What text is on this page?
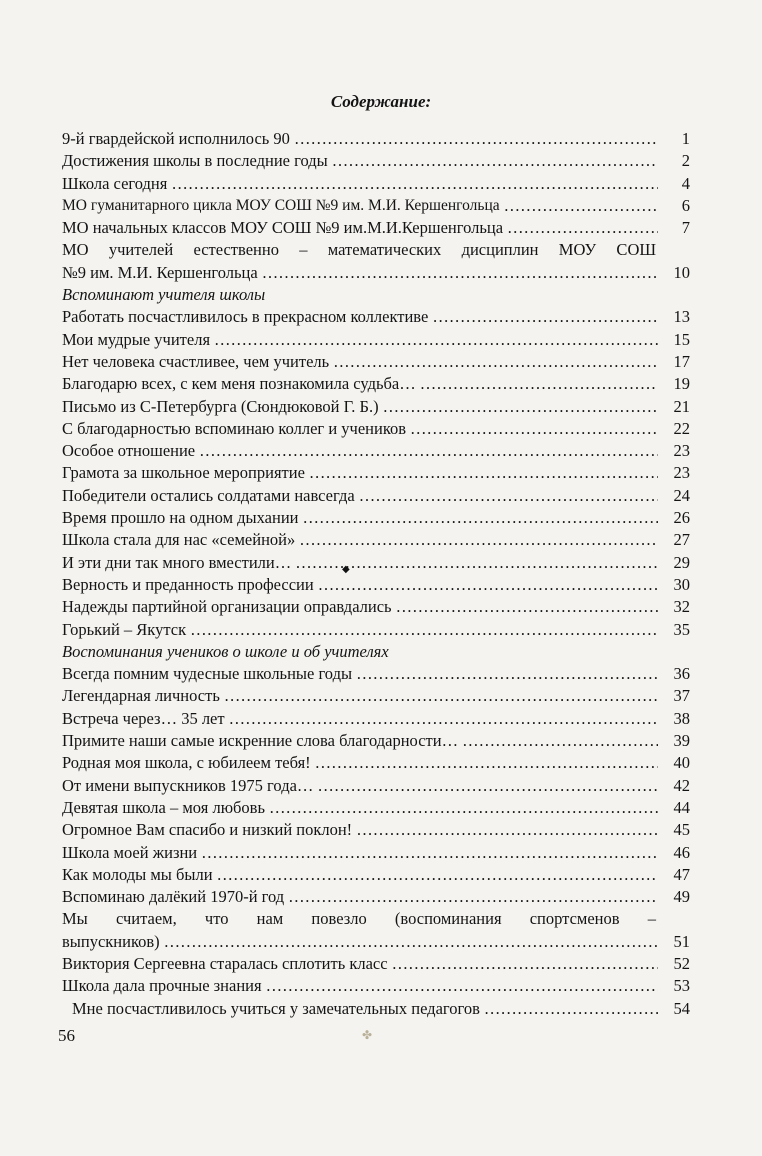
Содержание:
9-й гвардейской исполнилось 90 ………………………………………………………………………………………………………………………………………………………………………………	1
Достижения школы в последние годы ………………………………………………………………………………………………………………………………………………………………………………	2
Школа сегодня ………………………………………………………………………………………………………………………………………………………………………………	4
МО гуманитарного цикла МОУ СОШ №9 им. М.И. Кершенгольца ………………………………………………………………………………………………………………………………………………………………………………	6
МО начальных классов МОУ СОШ №9 им.М.И.Кершенгольца ………………………………………………………………………………………………………………………………………………………………………………	7
МО учителей естественно – математических дисциплин МОУ СОШ
№9 им. М.И. Кершенгольца ………………………………………………………………………………………………………………………………………………………………………………	10
Вспоминают учителя школы
Работать посчастливилось в прекрасном коллективе ………………………………………………………………………………………………………………………………………………………………………………	13
Мои мудрые учителя ………………………………………………………………………………………………………………………………………………………………………………	15
Нет человека счастливее, чем учитель ………………………………………………………………………………………………………………………………………………………………………………	17
Благодарю всех, с кем меня познакомила судьба… ………………………………………………………………………………………………………………………………………………………………………………	19
Письмо из С-Петербурга (Сюндюковой Г. Б.) ………………………………………………………………………………………………………………………………………………………………………………	21
С благодарностью вспоминаю коллег и учеников ………………………………………………………………………………………………………………………………………………………………………………	22
Особое отношение ………………………………………………………………………………………………………………………………………………………………………………	23
Грамота за школьное мероприятие ………………………………………………………………………………………………………………………………………………………………………………	23
Победители остались солдатами навсегда ………………………………………………………………………………………………………………………………………………………………………………	24
Время прошло на одном дыхании ………………………………………………………………………………………………………………………………………………………………………………	26
Школа стала для нас «семейной» ………………………………………………………………………………………………………………………………………………………………………………	27
И эти дни так много вместили… ………………………………………………………………………………………………………………………………………………………………………………	29
Верность и преданность профессии ………………………………………………………………………………………………………………………………………………………………………………	30
Надежды партийной организации оправдались ………………………………………………………………………………………………………………………………………………………………………………	32
Горький – Якутск ………………………………………………………………………………………………………………………………………………………………………………	35
Воспоминания учеников о школе и об учителях
Всегда помним чудесные школьные годы ………………………………………………………………………………………………………………………………………………………………………………	36
Легендарная личность ………………………………………………………………………………………………………………………………………………………………………………	37
Встреча через… 35 лет ………………………………………………………………………………………………………………………………………………………………………………	38
Примите наши самые искренние слова благодарности… ………………………………………………………………………………………………………………………………………………………………………………	39
Родная моя школа, с юбилеем тебя! ………………………………………………………………………………………………………………………………………………………………………………	40
От имени выпускников 1975 года… ………………………………………………………………………………………………………………………………………………………………………………	42
Девятая школа – моя любовь ………………………………………………………………………………………………………………………………………………………………………………	44
Огромное Вам спасибо и низкий поклон! ………………………………………………………………………………………………………………………………………………………………………………	45
Школа моей жизни ………………………………………………………………………………………………………………………………………………………………………………	46
Как молоды мы были ………………………………………………………………………………………………………………………………………………………………………………	47
Вспоминаю далёкий 1970-й год ………………………………………………………………………………………………………………………………………………………………………………	49
Мы считаем, что нам повезло (воспоминания спортсменов –
выпускников) ………………………………………………………………………………………………………………………………………………………………………………	51
Виктория Сергеевна старалась сплотить класс ………………………………………………………………………………………………………………………………………………………………………………	52
Школа дала прочные знания ………………………………………………………………………………………………………………………………………………………………………………	53
Мне посчастливилось учиться у замечательных педагогов ………………………………………………………………………………………………………………………………………………………………………………	54
◆
✤
56
